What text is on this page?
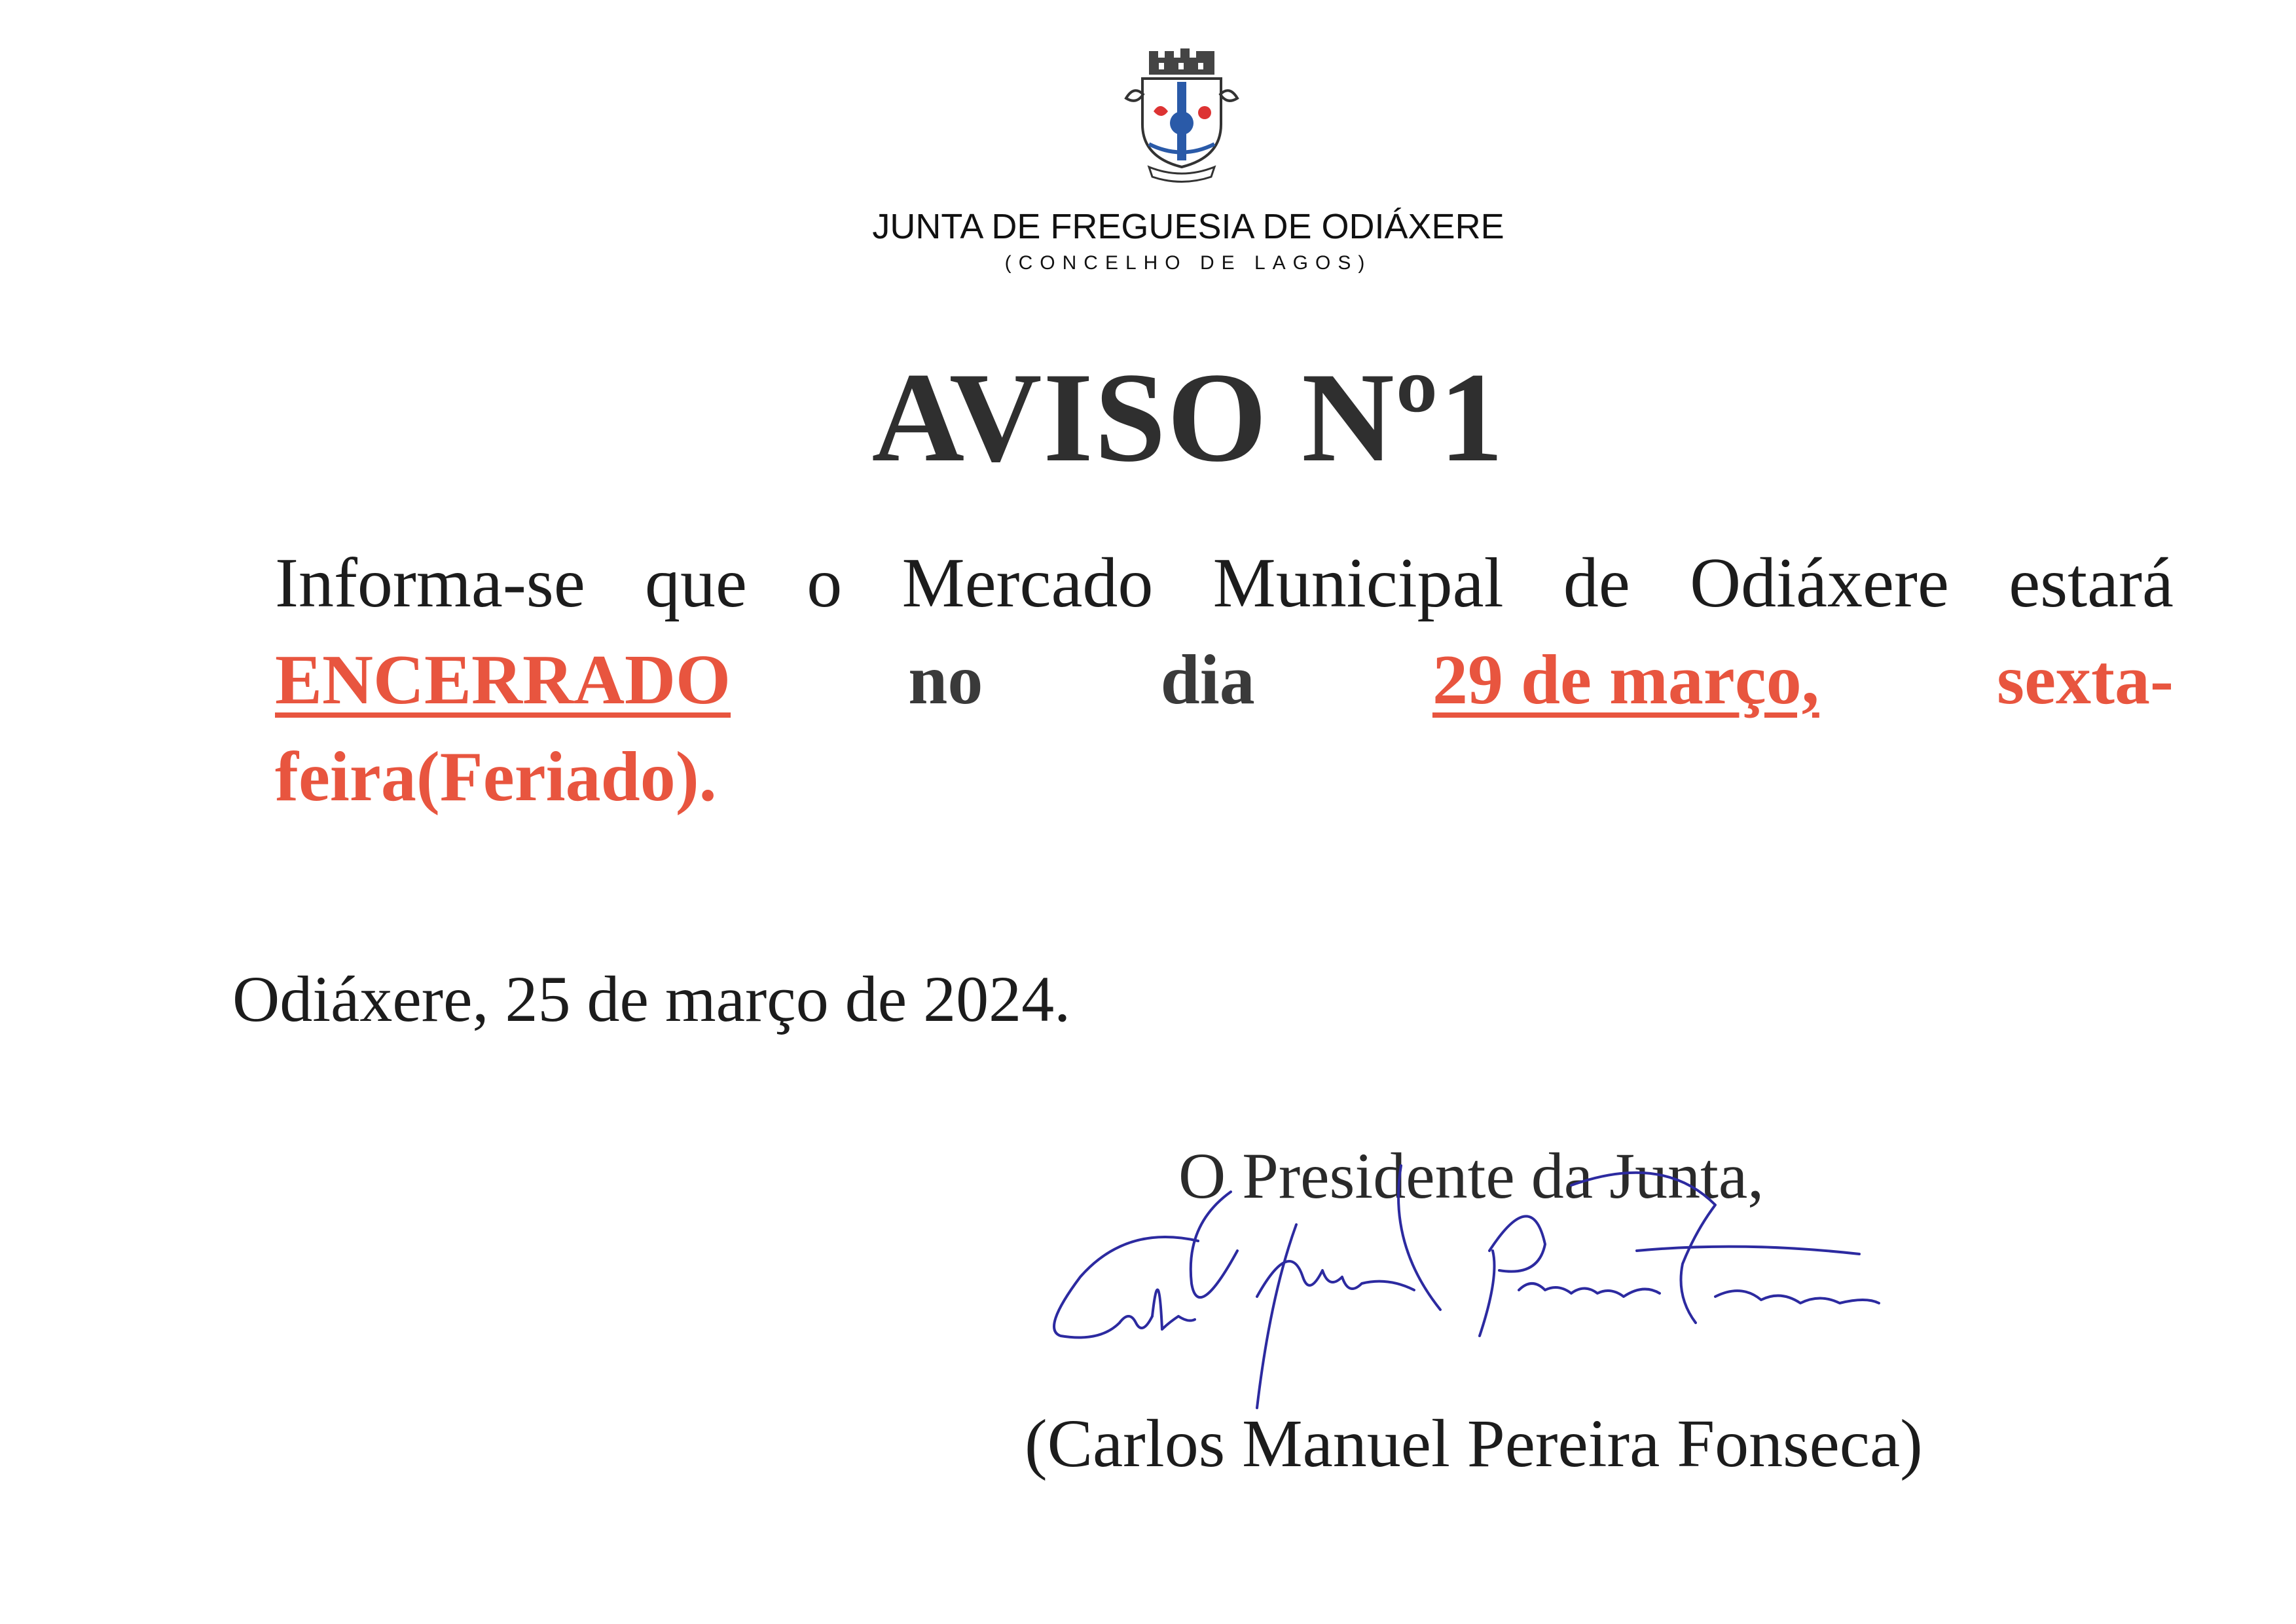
JUNTA DE FREGUESIA DE ODIÁXERE
(CONCELHO DE LAGOS)
AVISO Nº1
Informa-se que o Mercado Municipal de Odiáxere estará
ENCERRADO	no	dia	29 de março,	sexta-
feira(Feriado).
Odiáxere, 25 de março de 2024.
O Presidente da Junta,
(Carlos Manuel Pereira Fonseca)
